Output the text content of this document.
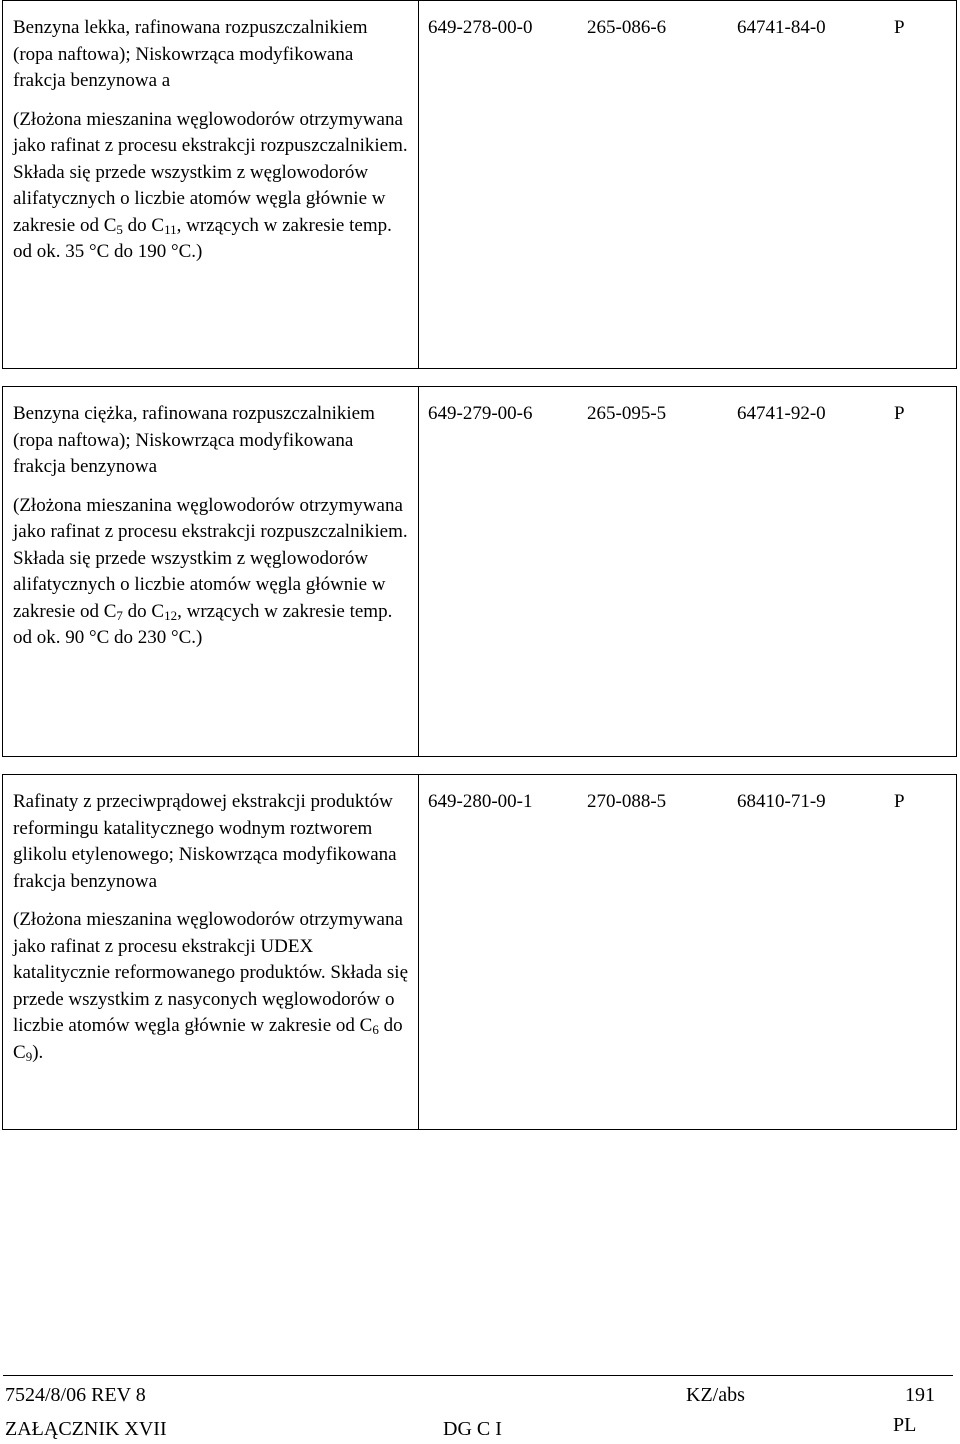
Benzyna lekka, rafinowana rozpuszczalnikiem (ropa naftowa); Niskowrząca modyfikowana frakcja benzynowa a

(Złożona mieszanina węglowodorów otrzymywana jako rafinat z procesu ekstrakcji rozpuszczalnikiem. Składa się przede wszystkim z węglowodorów alifatycznych o liczbie atomów węgla głównie w zakresie od $C_5$ do $C_{11}$, wrzących w zakresie temp. od ok. 35 °C do 190 °C.)

649-278-00-0	265-086-6	64741-84-0	P

Benzyna ciężka, rafinowana rozpuszczalnikiem (ropa naftowa); Niskowrząca modyfikowana frakcja benzynowa

(Złożona mieszanina węglowodorów otrzymywana jako rafinat z procesu ekstrakcji rozpuszczalnikiem. Składa się przede wszystkim z węglowodorów alifatycznych o liczbie atomów węgla głównie w zakresie od $C_7$ do $C_{12}$, wrzących w zakresie temp. od ok. 90 °C do 230 °C.)

649-279-00-6	265-095-5	64741-92-0	P

Rafinaty z przeciwprądowej ekstrakcji produktów reformingu katalitycznego wodnym roztworem glikolu etylenowego; Niskowrząca modyfikowana frakcja benzynowa

(Złożona mieszanina węglowodorów otrzymywana jako rafinat z procesu ekstrakcji UDEX katalitycznie reformowanego produktów. Składa się przede wszystkim z nasyconych węglowodorów o liczbie atomów węgla głównie w zakresie od $C_6$ do $C_9$).

649-280-00-1	270-088-5	68410-71-9	P
7524/8/06 REV 8	KZ/abs	191
ZAŁĄCZNIK XVII	DG C I	PL
